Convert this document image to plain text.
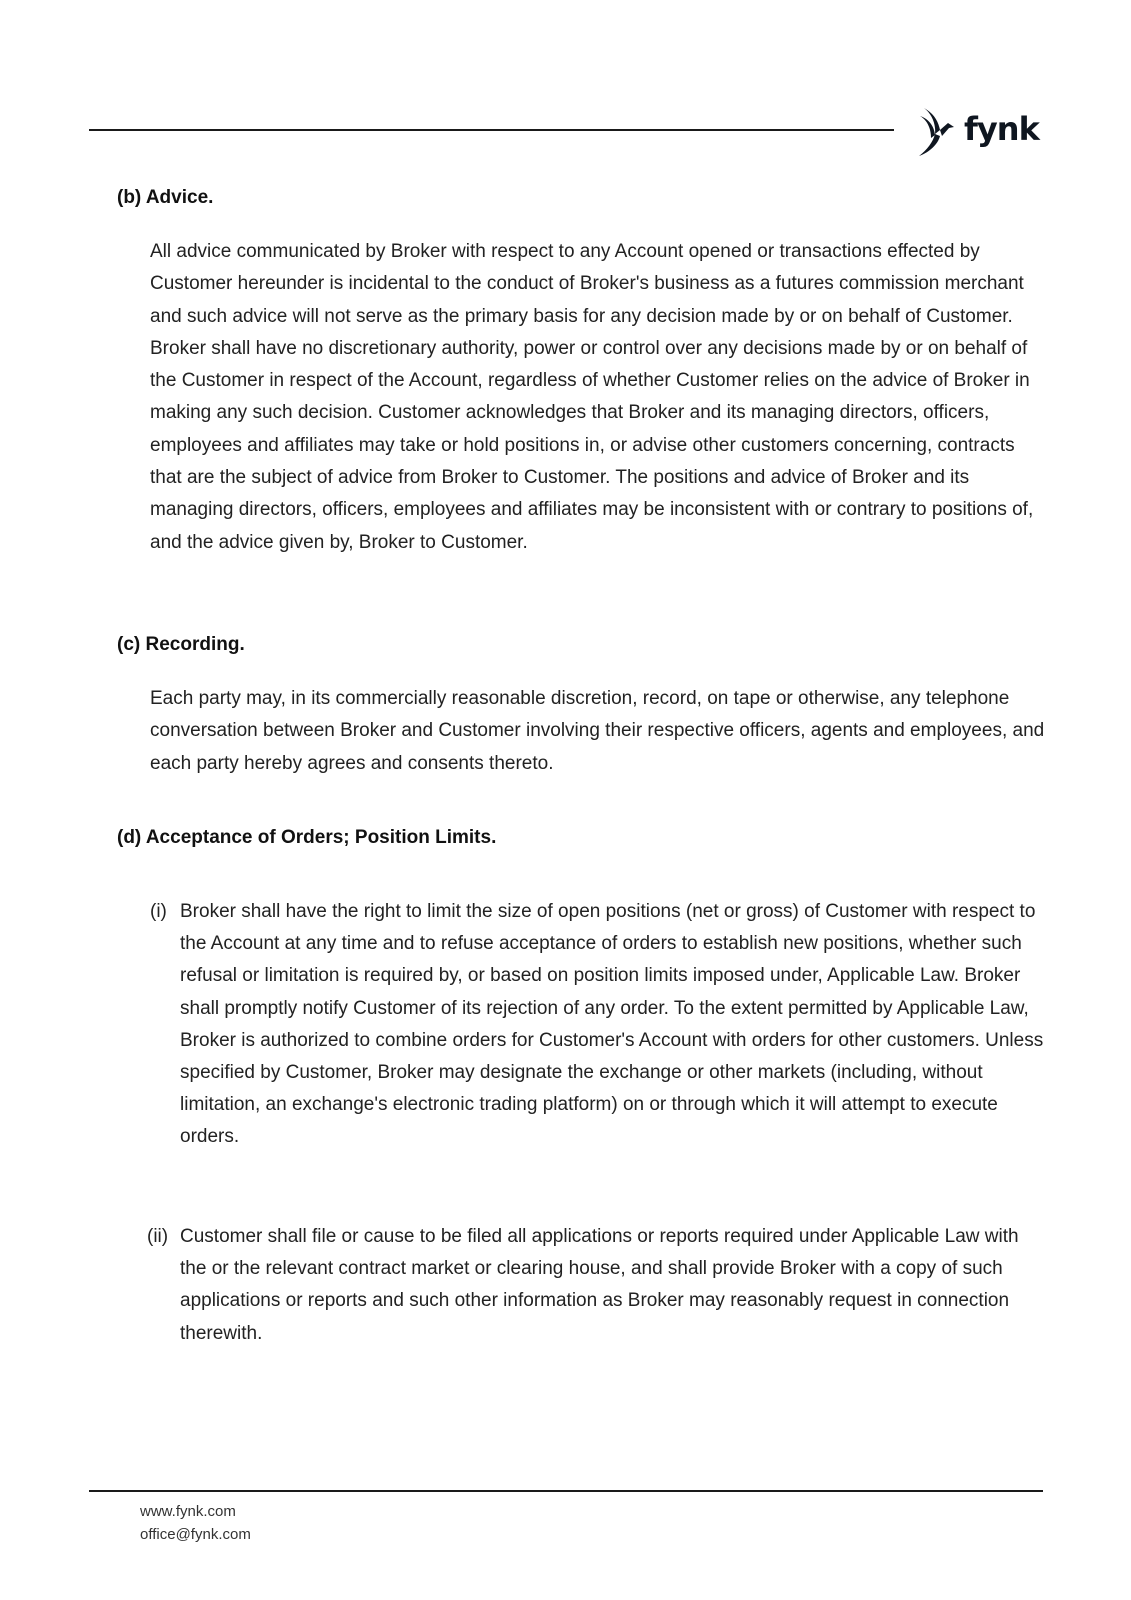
fynk
(b) Advice.

All advice communicated by Broker with respect to any Account opened or transactions effected by Customer hereunder is incidental to the conduct of Broker's business as a futures commission merchant and such advice will not serve as the primary basis for any decision made by or on behalf of Customer. Broker shall have no discretionary authority, power or control over any decisions made by or on behalf of the Customer in respect of the Account, regardless of whether Customer relies on the advice of Broker in making any such decision. Customer acknowledges that Broker and its managing directors, officers, employees and affiliates may take or hold positions in, or advise other customers concerning, contracts that are the subject of advice from Broker to Customer. The positions and advice of Broker and its managing directors, officers, employees and affiliates may be inconsistent with or contrary to positions of, and the advice given by, Broker to Customer.

(c) Recording.

Each party may, in its commercially reasonable discretion, record, on tape or otherwise, any telephone conversation between Broker and Customer involving their respective officers, agents and employees, and each party hereby agrees and consents thereto.

(d) Acceptance of Orders; Position Limits.
(i) Broker shall have the right to limit the size of open positions (net or gross) of Customer with respect to the Account at any time and to refuse acceptance of orders to establish new positions, whether such refusal or limitation is required by, or based on position limits imposed under, Applicable Law. Broker shall promptly notify Customer of its rejection of any order. To the extent permitted by Applicable Law, Broker is authorized to combine orders for Customer's Account with orders for other customers. Unless specified by Customer, Broker may designate the exchange or other markets (including, without limitation, an exchange's electronic trading platform) on or through which it will attempt to execute orders.
(ii) Customer shall file or cause to be filed all applications or reports required under Applicable Law with the or the relevant contract market or clearing house, and shall provide Broker with a copy of such applications or reports and such other information as Broker may reasonably request in connection therewith.
www.fynk.com
office@fynk.com
